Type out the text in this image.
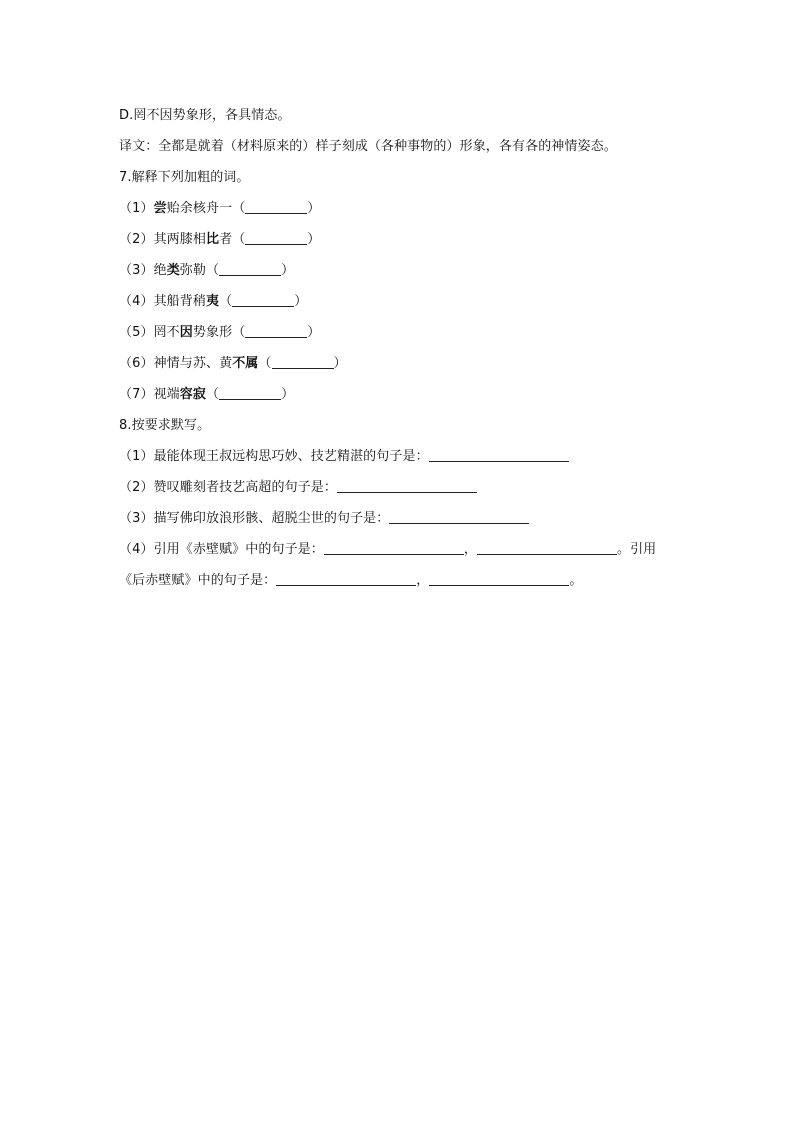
D.罔不因势象形，各具情态。
译文：全都是就着（材料原来的）样子刻成（各种事物的）形象，各有各的神情姿态。
7.解释下列加粗的词。
（1）尝贻余核舟一（	）
（2）其两膝相比者（	）
（3）绝类弥勒（	）
（4）其船背稍夷（	）
（5）罔不因势象形（	）
（6）神情与苏、黄不属（	）
（7）视端容寂（	）
8.按要求默写。
（1）最能体现王叔远构思巧妙、技艺精湛的句子是：
（2）赞叹雕刻者技艺高超的句子是：
（3）描写佛印放浪形骸、超脱尘世的句子是：
（4）引用《赤壁赋》中的句子是：	，	。引用
《后赤壁赋》中的句子是：	，	。
